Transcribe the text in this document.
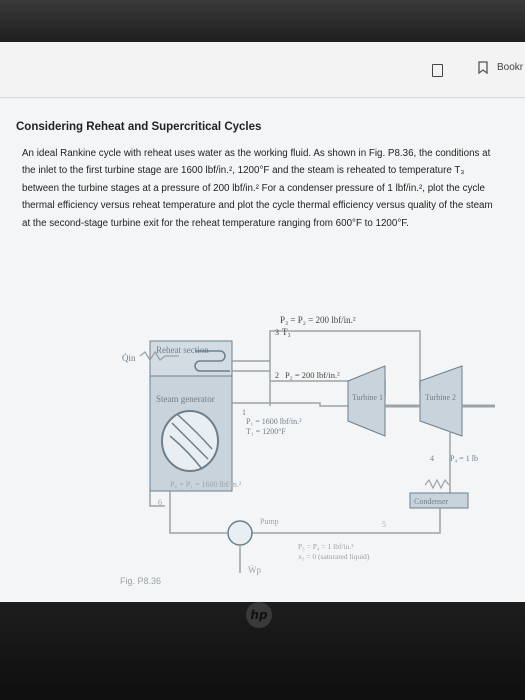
Bookr
Considering Reheat and Supercritical Cycles
An ideal Rankine cycle with reheat uses water as the working fluid. As shown in Fig. P8.36, the conditions at the inlet to the first turbine stage are 1600 lbf/in.², 1200°F and the steam is reheated to temperature T₃ between the turbine stages at a pressure of 200 lbf/in.² For a condenser pressure of 1 lbf/in.², plot the cycle thermal efficiency versus reheat temperature and plot the cycle thermal efficiency versus quality of the steam at the second-stage turbine exit for the reheat temperature ranging from 600°F to 1200°F.
Reheat section
Steam generator	Turbine 1	Turbine 2
Condenser
Pump
Q̇in
Ẇp
P₃ = P₂ = 200 lbf/in.²
T₃
3
2 P₂ = 200 lbf/in.²
1
P₁ = 1600 lbf/in.²
T₁ = 1200°F
4 P₄ = 1 lb
P₆ = P₁ = 1600 lbf/in.²
6
5
P₅ = P₄ = 1 lbf/in.²
x₅ = 0 (saturated liquid)
Fig. P8.36
hp
